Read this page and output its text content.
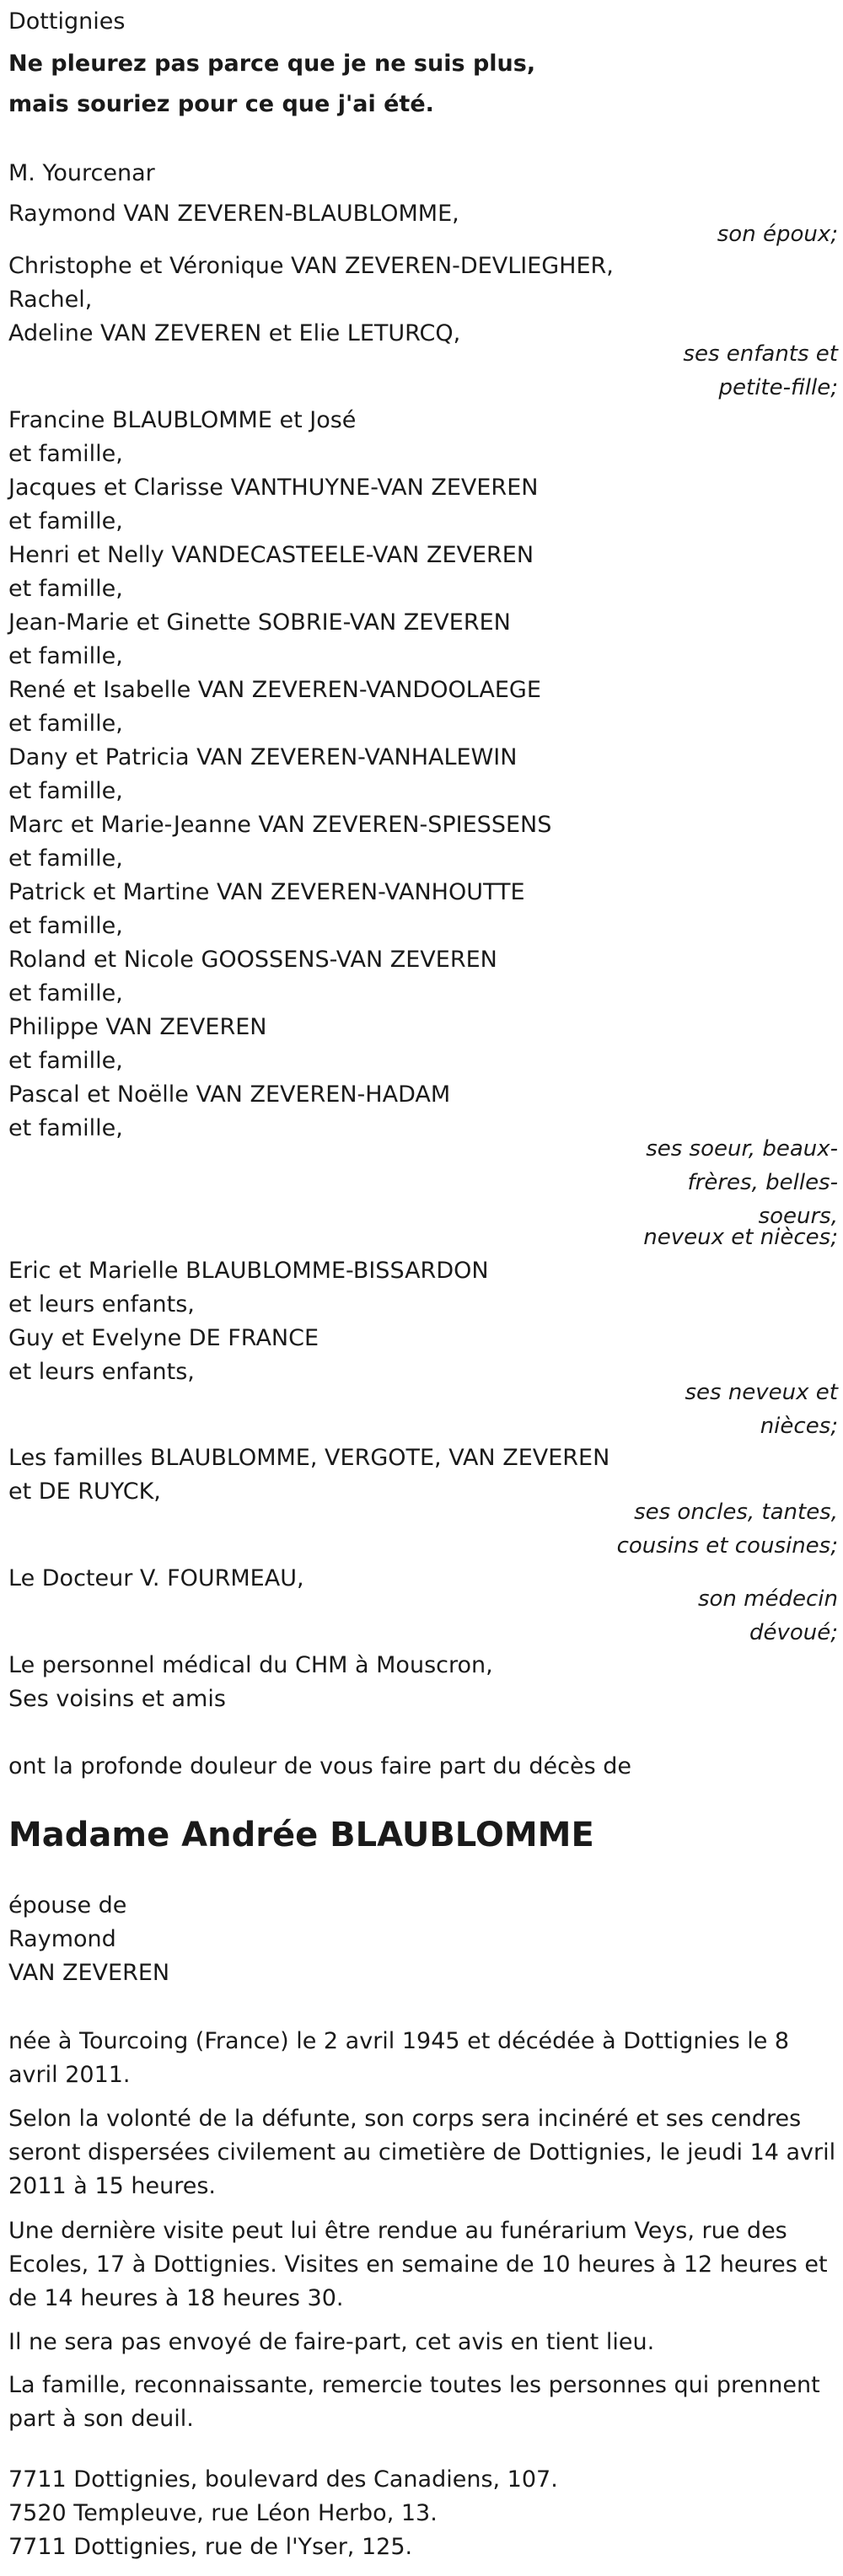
Dottignies
Ne pleurez pas parce que je ne suis plus,
mais souriez pour ce que j'ai été.
M. Yourcenar
Raymond VAN ZEVEREN-BLAUBLOMME,
son époux;
Christophe et Véronique VAN ZEVEREN-DEVLIEGHER,
Rachel,
Adeline VAN ZEVEREN et Elie LETURCQ,
ses enfants et
petite-fille;
Francine BLAUBLOMME et José
et famille,
Jacques et Clarisse VANTHUYNE-VAN ZEVEREN
et famille,
Henri et Nelly VANDECASTEELE-VAN ZEVEREN
et famille,
Jean-Marie et Ginette SOBRIE-VAN ZEVEREN
et famille,
René et Isabelle VAN ZEVEREN-VANDOOLAEGE
et famille,
Dany et Patricia VAN ZEVEREN-VANHALEWIN
et famille,
Marc et Marie-Jeanne VAN ZEVEREN-SPIESSENS
et famille,
Patrick et Martine VAN ZEVEREN-VANHOUTTE
et famille,
Roland et Nicole GOOSSENS-VAN ZEVEREN
et famille,
Philippe VAN ZEVEREN
et famille,
Pascal et Noëlle VAN ZEVEREN-HADAM
et famille,
ses soeur, beaux-
frères, belles-
soeurs,
neveux et nièces;
Eric et Marielle BLAUBLOMME-BISSARDON
et leurs enfants,
Guy et Evelyne DE FRANCE
et leurs enfants,
ses neveux et
nièces;
Les familles BLAUBLOMME, VERGOTE, VAN ZEVEREN
et DE RUYCK,
ses oncles, tantes,
cousins et cousines;
Le Docteur V. FOURMEAU,
son médecin
dévoué;
Le personnel médical du CHM à Mouscron,
Ses voisins et amis
ont la profonde douleur de vous faire part du décès de
Madame Andrée BLAUBLOMME
épouse de
Raymond
VAN ZEVEREN
née à Tourcoing (France) le 2 avril 1945 et décédée à Dottignies le 8 avril 2011.
Selon la volonté de la défunte, son corps sera incinéré et ses cendres seront dispersées civilement au cimetière de Dottignies, le jeudi 14 avril 2011 à 15 heures.
Une dernière visite peut lui être rendue au funérarium Veys, rue des Ecoles, 17 à Dottignies. Visites en semaine de 10 heures à 12 heures et de 14 heures à 18 heures 30.
Il ne sera pas envoyé de faire-part, cet avis en tient lieu.
La famille, reconnaissante, remercie toutes les personnes qui prennent part à son deuil.
7711 Dottignies, boulevard des Canadiens, 107.
7520 Templeuve, rue Léon Herbo, 13.
7711 Dottignies, rue de l'Yser, 125.
